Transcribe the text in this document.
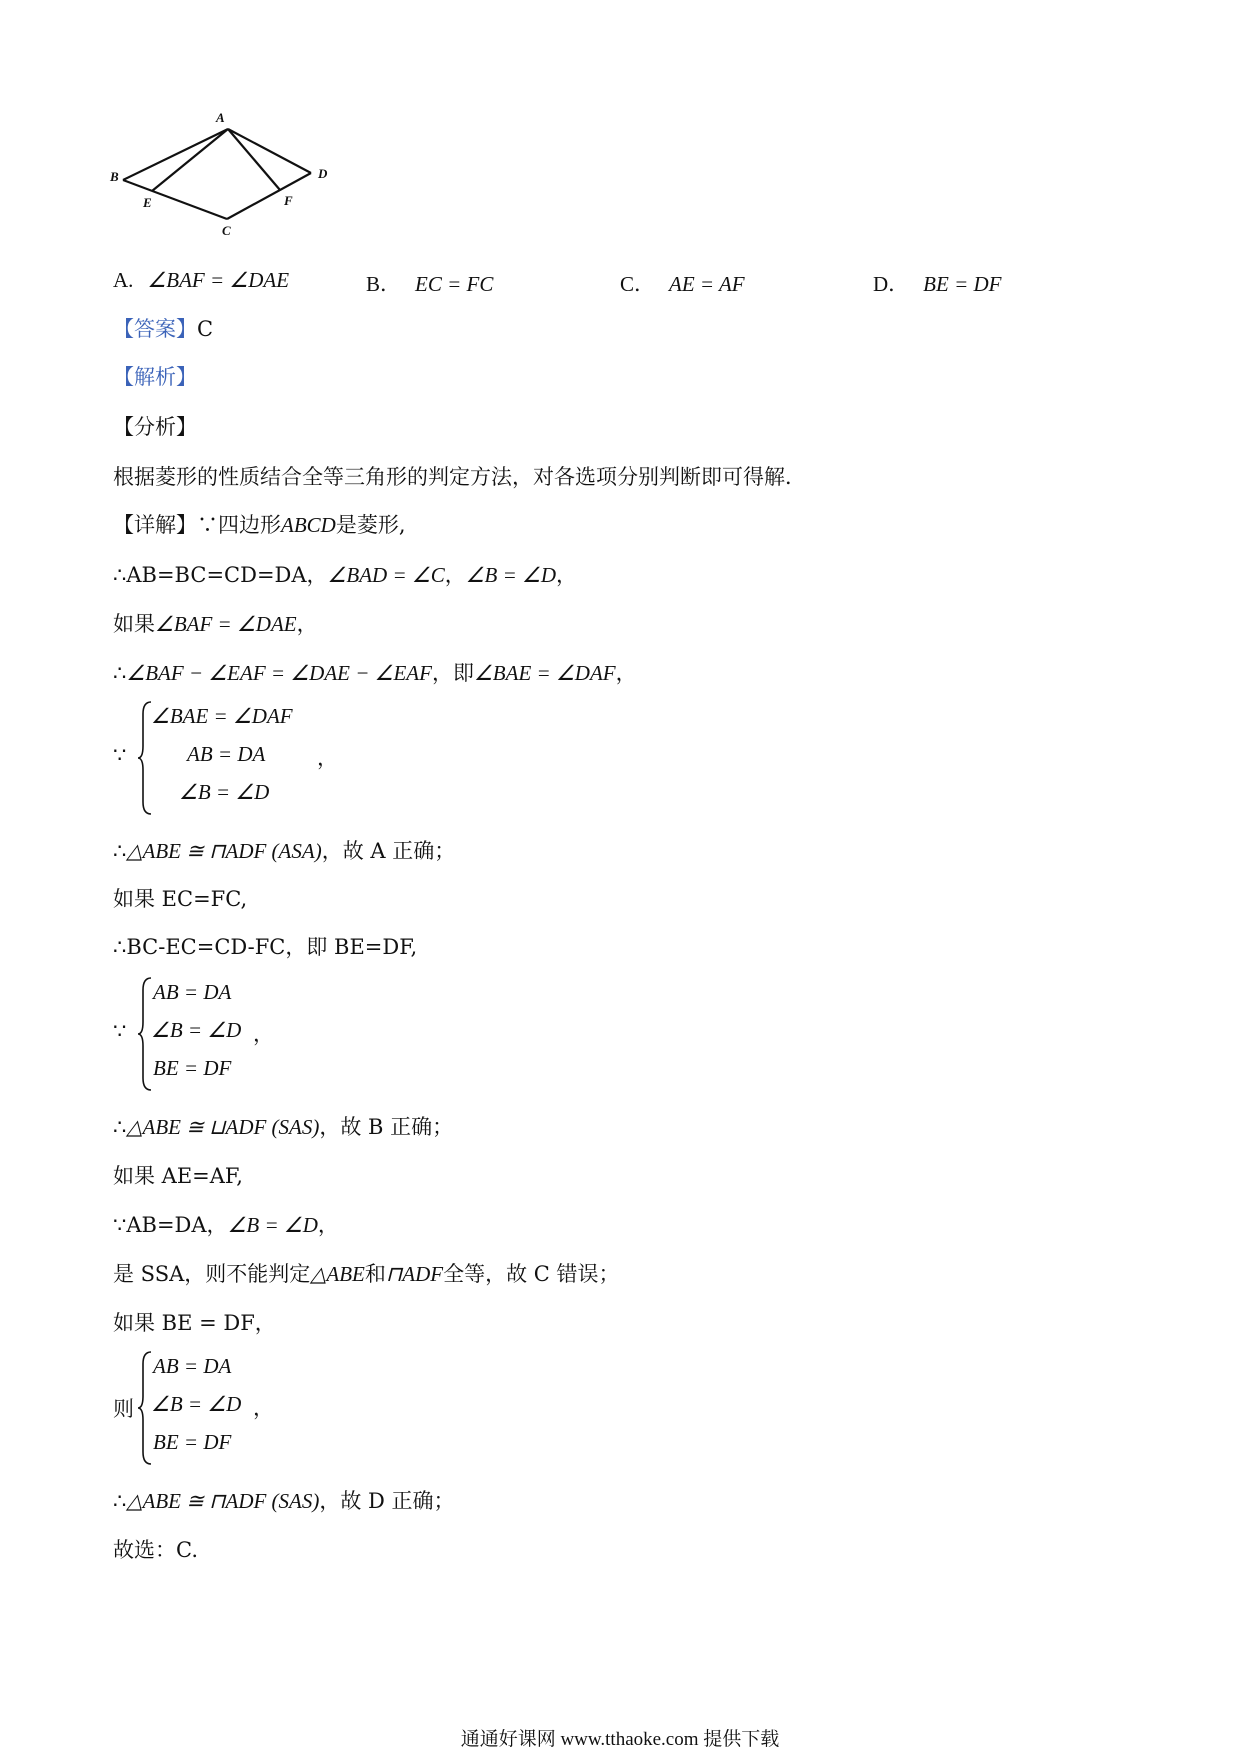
A
B
C
D
E	F
A. ∠BAF = ∠DAE	B． EC = FC	C． AE = AF	D． BE = DF
【答案】C
【解析】
【分析】
根据菱形的性质结合全等三角形的判定方法，对各选项分别判断即可得解．
【详解】∵四边形ABCD是菱形,
∴AB=BC=CD=DA，∠BAD = ∠C，∠B = ∠D，
如果∠BAF = ∠DAE，
∴∠BAF − ∠EAF = ∠DAE − ∠EAF，即∠BAE = ∠DAF，
∵
∠BAE = ∠DAF
AB = DA
∠B = ∠D
，
∴△ABE ≅ ⊓ADF (ASA)，故 A 正确；
如果 EC=FC,
∴BC-EC=CD-FC，即 BE=DF,
∵
AB = DA
∠B = ∠D
BE = DF
，
∴△ABE ≅ ⊔ADF (SAS)，故 B 正确；
如果 AE=AF,
∵AB=DA，∠B = ∠D，
是 SSA，则不能判定△ABE和⊓ADF全等，故 C 错误；
如果 BE = DF，
则
AB = DA
∠B = ∠D
BE = DF
，
∴△ABE ≅ ⊓ADF (SAS)，故 D 正确；
故选：C.
通通好课网 www.tthaoke.com 提供下载
